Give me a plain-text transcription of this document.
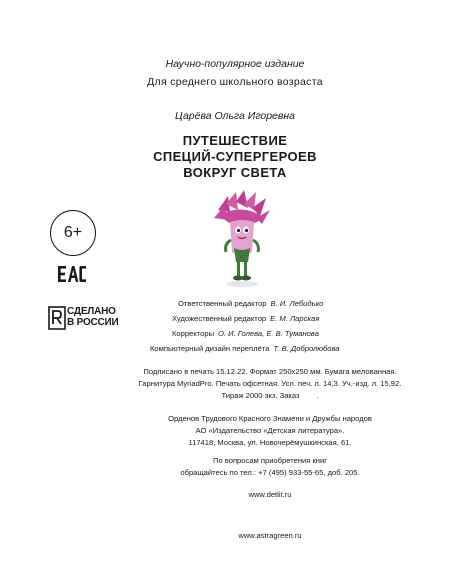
Научно-популярное издание
Для среднего школьного возраста
Царёва Ольга Игоревна
ПУТЕШЕСТВИЕ
СПЕЦИЙ-СУПЕРГЕРОЕВ
ВОКРУГ СВЕТА
6+
СДЕЛАНО
В РОССИИ
Ответственный редактор В. И. Лебидько
Художественный редактор Е. М. Ларская
Корректоры О. И. Голева, Е. В. Туманова
Компьютерный дизайн переплёта Т. В. Добролюбова
Подписано в печать 15.12.22. Формат 250х250 мм. Бумага мелованная.
Гарнитура MyriadPro. Печать офсетная. Усл. печ. л. 14,3. Уч.-изд. л. 15,92.
Тираж 2000 экз. Заказ        .
Орденов Трудового Красного Знамени и Дружбы народов
АО «Издательство «Детская литература».
117418, Москва, ул. Новочерёмушкинская, 61.
По вопросам приобретения книг
обращайтесь по тел.: +7 (495) 933-55-65, доб. 205.
www.detlit.ru
www.astragreen.ru
